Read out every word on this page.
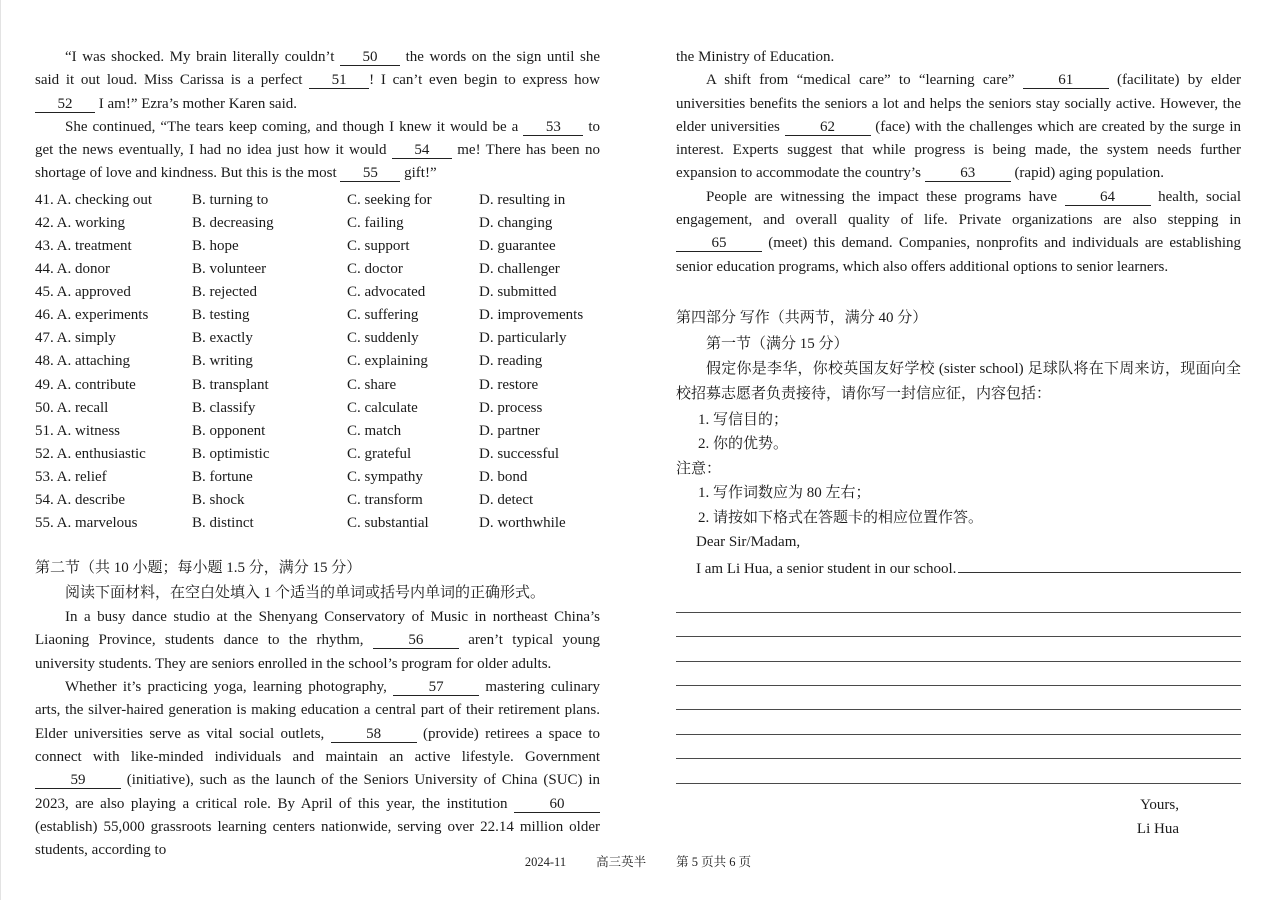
“I was shocked. My brain literally couldn’t 50 the words on the sign until she said it out loud. Miss Carissa is a perfect 51 ! I can’t even begin to express how 52 I am!” Ezra’s mother Karen said.

She continued, “The tears keep coming, and though I knew it would be a 53 to get the news eventually, I had no idea just how it would 54 me! There has been no shortage of love and kindness. But this is the most 55 gift!”

41. A. checking out	B. turning to	C. seeking for	D. resulting in
42. A. working	B. decreasing	C. failing	D. changing
43. A. treatment	B. hope	C. support	D. guarantee
44. A. donor	B. volunteer	C. doctor	D. challenger
45. A. approved	B. rejected	C. advocated	D. submitted
46. A. experiments	B. testing	C. suffering	D. improvements
47. A. simply	B. exactly	C. suddenly	D. particularly
48. A. attaching	B. writing	C. explaining	D. reading
49. A. contribute	B. transplant	C. share	D. restore
50. A. recall	B. classify	C. calculate	D. process
51. A. witness	B. opponent	C. match	D. partner
52. A. enthusiastic	B. optimistic	C. grateful	D. successful
53. A. relief	B. fortune	C. sympathy	D. bond
54. A. describe	B. shock	C. transform	D. detect
55. A. marvelous	B. distinct	C. substantial	D. worthwhile
第二节（共 10 小题；每小题 1.5 分，满分 15 分）

阅读下面材料，在空白处填入 1 个适当的单词或括号内单词的正确形式。

In a busy dance studio at the Shenyang Conservatory of Music in northeast China’s Liaoning Province, students dance to the rhythm, 56 aren’t typical young university students. They are seniors enrolled in the school’s program for older adults.

Whether it’s practicing yoga, learning photography, 57 mastering culinary arts, the silver-haired generation is making education a central part of their retirement plans. Elder universities serve as vital social outlets, 58 (provide) retirees a space to connect with like-minded individuals and maintain an active lifestyle. Government 59 (initiative), such as the launch of the Seniors University of China (SUC) in 2023, are also playing a critical role. By April of this year, the institution 60 (establish) 55,000 grassroots learning centers nationwide, serving over 22.14 million older students, according to

the Ministry of Education.

A shift from “medical care” to “learning care” 61 (facilitate) by elder universities benefits the seniors a lot and helps the seniors stay socially active. However, the elder universities 62 (face) with the challenges which are created by the surge in interest. Experts suggest that while progress is being made, the system needs further expansion to accommodate the country’s 63 (rapid) aging population.

People are witnessing the impact these programs have 64 health, social engagement, and overall quality of life. Private organizations are also stepping in 65 (meet) this demand. Companies, nonprofits and individuals are establishing senior education programs, which also offers additional options to senior learners.

第四部分 写作（共两节，满分 40 分）
第一节（满分 15 分）

假定你是李华，你校英国友好学校 (sister school) 足球队将在下周来访，现面向全校招募志愿者负责接待，请你写一封信应征，内容包括：

1. 写信目的；
2. 你的优势。
注意：
1. 写作词数应为 80 左右；
2. 请按如下格式在答题卡的相应位置作答。
Dear Sir/Madam,
I am Li Hua, a senior student in our school.
Yours,
Li Hua
2024-11 高三英半 第 5 页共 6 页
